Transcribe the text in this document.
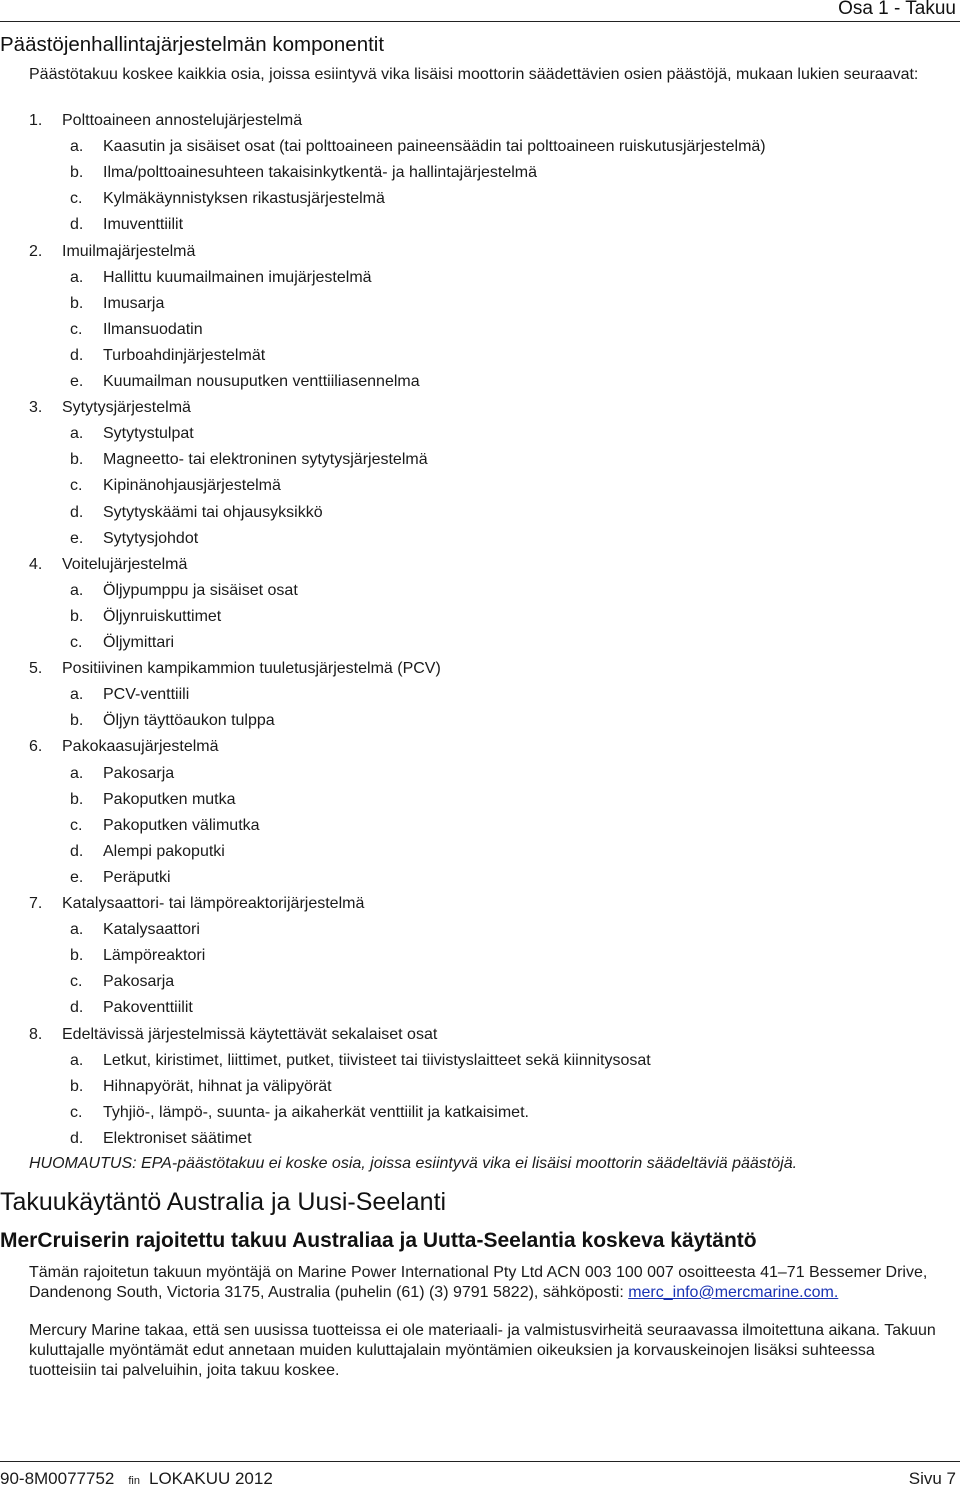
Osa 1 - Takuu
Päästöjenhallintajärjestelmän komponentit
Päästötakuu koskee kaikkia osia, joissa esiintyvä vika lisäisi moottorin säädettävien osien päästöjä, mukaan lukien seuraavat:
1. Polttoaineen annostelujärjestelmä
a. Kaasutin ja sisäiset osat (tai polttoaineen paineensäädin tai polttoaineen ruiskutusjärjestelmä)
b. Ilma/polttoainesuhteen takaisinkytkentä- ja hallintajärjestelmä
c. Kylmäkäynnistyksen rikastusjärjestelmä
d. Imuventtiilit
2. Imuilmajärjestelmä
a. Hallittu kuumailmainen imujärjestelmä
b. Imusarja
c. Ilmansuodatin
d. Turboahdinjärjestelmät
e. Kuumailman nousuputken venttiiliasennelma
3. Sytytysjärjestelmä
a. Sytytystulpat
b. Magneetto- tai elektroninen sytytysjärjestelmä
c. Kipinänohjausjärjestelmä
d. Sytytyskäämi tai ohjausyksikkö
e. Sytytysjohdot
4. Voitelujärjestelmä
a. Öljypumppu ja sisäiset osat
b. Öljynruiskuttimet
c. Öljymittari
5. Positiivinen kampikammion tuuletusjärjestelmä (PCV)
a. PCV-venttiili
b. Öljyn täyttöaukon tulppa
6. Pakokaasujärjestelmä
a. Pakosarja
b. Pakoputken mutka
c. Pakoputken välimutka
d. Alempi pakoputki
e. Peräputki
7. Katalysaattori- tai lämpöreaktorijärjestelmä
a. Katalysaattori
b. Lämpöreaktori
c. Pakosarja
d. Pakoventtiilit
8. Edeltävissä järjestelmissä käytettävät sekalaiset osat
a. Letkut, kiristimet, liittimet, putket, tiivisteet tai tiivistyslaitteet sekä kiinnitysosat
b. Hihnapyörät, hihnat ja välipyörät
c. Tyhjiö-, lämpö-, suunta- ja aikaherkät venttiilit ja katkaisimet.
d. Elektroniset säätimet
HUOMAUTUS: EPA-päästötakuu ei koske osia, joissa esiintyvä vika ei lisäisi moottorin säädeltäviä päästöjä.
Takuukäytäntö Australia ja Uusi-Seelanti
MerCruiserin rajoitettu takuu Australiaa ja Uutta-Seelantia koskeva käytäntö
Tämän rajoitetun takuun myöntäjä on Marine Power International Pty Ltd ACN 003 100 007 osoitteesta 41–71 Bessemer Drive, Dandenong South, Victoria 3175, Australia (puhelin (61) (3) 9791 5822), sähköposti: merc_info@mercmarine.com.
Mercury Marine takaa, että sen uusissa tuotteissa ei ole materiaali- ja valmistusvirheitä seuraavassa ilmoitettuna aikana. Takuun kuluttajalle myöntämät edut annetaan muiden kuluttajalain myöntämien oikeuksien ja korvauskeinojen lisäksi suhteessa tuotteisiin tai palveluihin, joita takuu koskee.
90-8M0077752 fin LOKAKUU 2012	Sivu 7
